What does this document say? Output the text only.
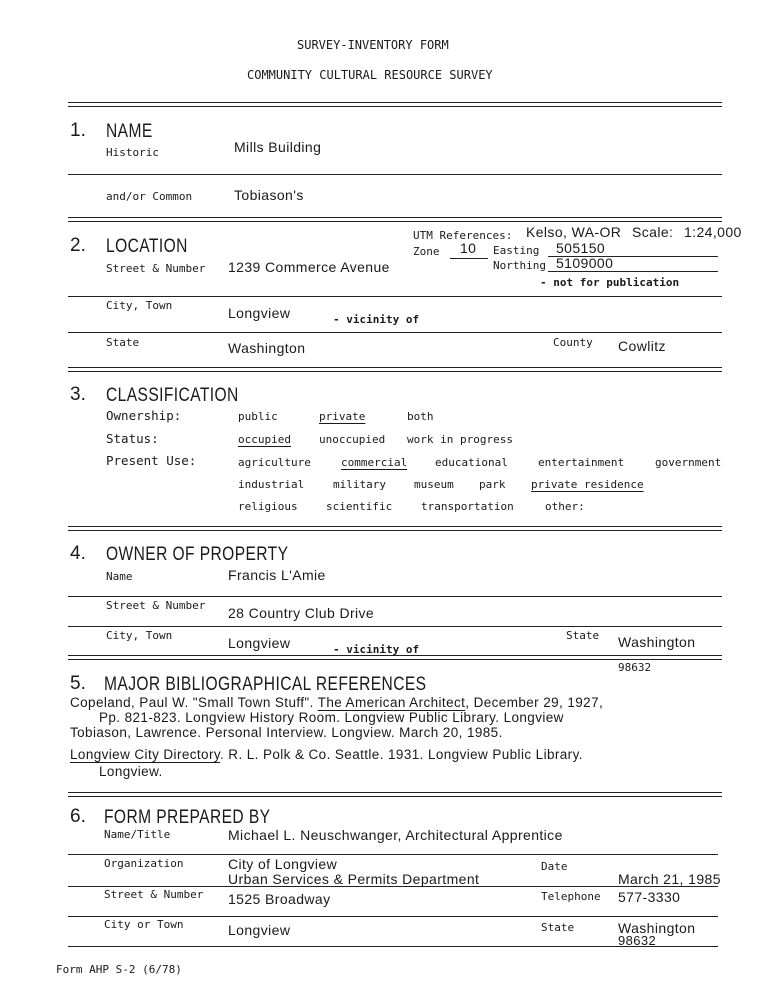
SURVEY-INVENTORY FORM
COMMUNITY CULTURAL RESOURCE SURVEY
1. NAME
Historic	Mills Building
and/or Common	Tobiason's
2. LOCATION
UTM References: Kelso, WA-OR Scale: 1:24,000
Zone 10 Easting 505150
Northing 5109000
- not for publication
Street & Number 1239 Commerce Avenue
City, Town	Longview	- vicinity of
State	Washington	County Cowlitz
3. CLASSIFICATION
Ownership:	public	private	both
Status:	occupied	unoccupied work in progress
Present Use:	agriculture	commercial	educational	entertainment	government
industrial	military	museum park private residence
religious	scientific	transportation	other:
4. OWNER OF PROPERTY
Name	Francis L'Amie
Street & Number 28 Country Club Drive
City, Town	Longview	- vicinity of
State Washington
98632
5. MAJOR BIBLIOGRAPHICAL REFERENCES
Copeland, Paul W. "Small Town Stuff". The American Architect, December 29, 1927,
Pp. 821-823. Longview History Room. Longview Public Library. Longview
Tobiason, Lawrence. Personal Interview. Longview. March 20, 1985.
Longview City Directory. R. L. Polk & Co. Seattle. 1931. Longview Public Library.
Longview.
6. FORM PREPARED BY
Name/Title	Michael L. Neuschwanger, Architectural Apprentice
Organization	City of Longview
Urban Services & Permits Department
Date
March 21, 1985
Street & Number 1525 Broadway	Telephone 577-3330
City or Town	Longview	State	Washington
98632
Form AHP S-2 (6/78)
